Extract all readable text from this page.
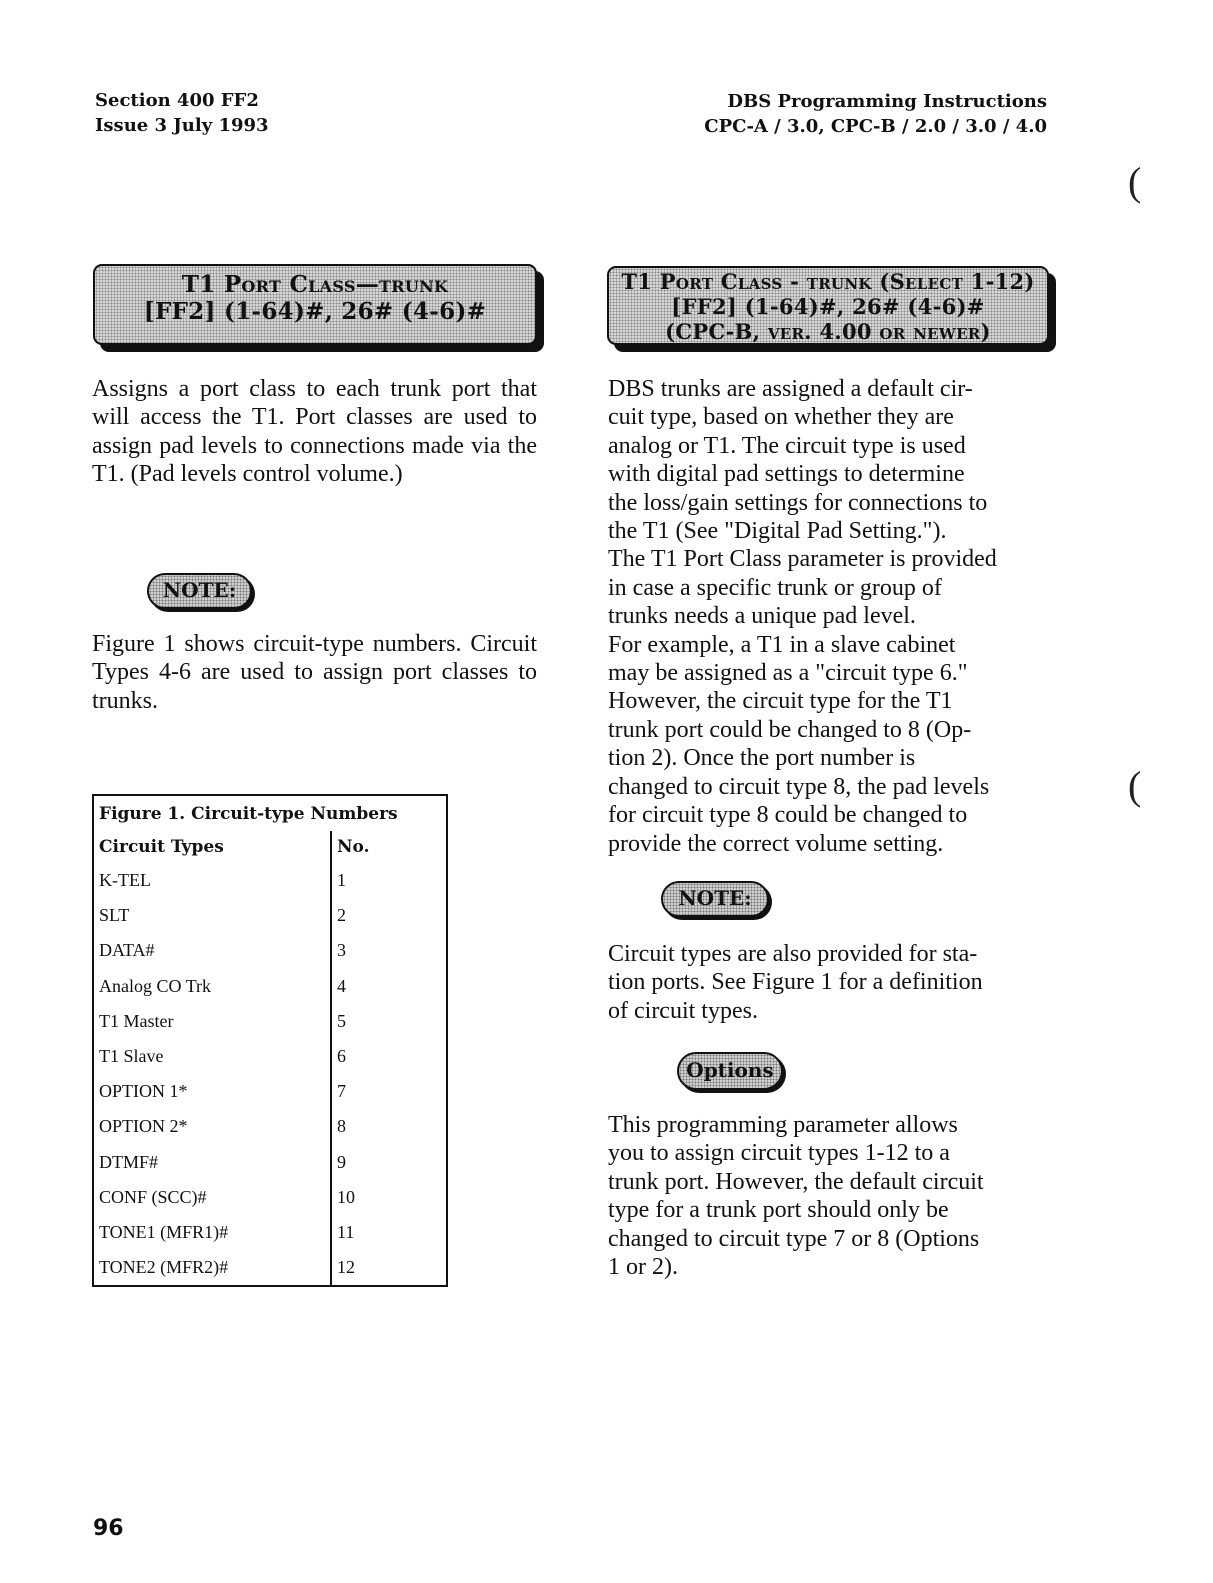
Section 400 FF2
Issue 3 July 1993
DBS Programming Instructions
CPC-A / 3.0, CPC-B / 2.0 / 3.0 / 4.0
T1 Port Class—trunk
[FF2] (1-64)#, 26# (4-6)#
T1 Port Class - trunk (Select 1-12)
[FF2] (1-64)#, 26# (4-6)#
(CPC-B, ver. 4.00 or newer)
Assigns a port class to each trunk port that will access the T1. Port classes are used to assign pad levels to connections made via the T1. (Pad levels control volume.)
NOTE:
Figure 1 shows circuit-type numbers. Circuit Types 4-6 are used to assign port classes to trunks.
Figure 1. Circuit-type Numbers	
Circuit Types	No.
K-TEL	1
SLT	2
DATA#	3
Analog CO Trk	4
T1 Master	5
T1 Slave	6
OPTION 1*	7
OPTION 2*	8
DTMF#	9
CONF (SCC)#	10
TONE1 (MFR1)#	11
TONE2 (MFR2)#	12
DBS trunks are assigned a default cir-
cuit type, based on whether they are
analog or T1. The circuit type is used
with digital pad settings to determine
the loss/gain settings for connections to
the T1 (See "Digital Pad Setting.").
The T1 Port Class parameter is provided
in case a specific trunk or group of
trunks needs a unique pad level.
For example, a T1 in a slave cabinet
may be assigned as a "circuit type 6."
However, the circuit type for the T1
trunk port could be changed to 8 (Op-
tion 2). Once the port number is
changed to circuit type 8, the pad levels
for circuit type 8 could be changed to
provide the correct volume setting.
NOTE:
Circuit types are also provided for sta-
tion ports. See Figure 1 for a definition
of circuit types.
Options
This programming parameter allows
you to assign circuit types 1-12 to a
trunk port. However, the default circuit
type for a trunk port should only be
changed to circuit type 7 or 8 (Options
1 or 2).
(
(
96
